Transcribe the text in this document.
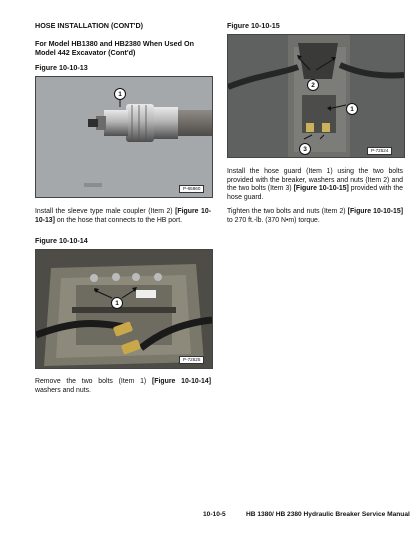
HOSE INSTALLATION (CONT'D)
For Model HB1380 and HB2380 When Used On Model 442 Excavator (Cont'd)
Figure 10-10-13
1
P-65860
Install the sleeve type male coupler (Item 2) [Figure 10-10-13] on the hose that connects to the HB port.
Figure 10-10-14
1
P-72525
Remove the two bolts (Item 1) [Figure 10-10-14] washers and nuts.
Figure 10-10-15
2
1
3	P-72524
Install the hose guard (Item 1) using the two bolts provided with the breaker, washers and nuts (Item 2) and the two bolts (Item 3) [Figure 10-10-15] provided with the hose guard.
Tighten the two bolts and nuts (Item 2) [Figure 10-10-15] to 270 ft.-lb. (370 N•m) torque.
10-10-5	HB 1380/ HB 2380 Hydraulic Breaker Service Manual
